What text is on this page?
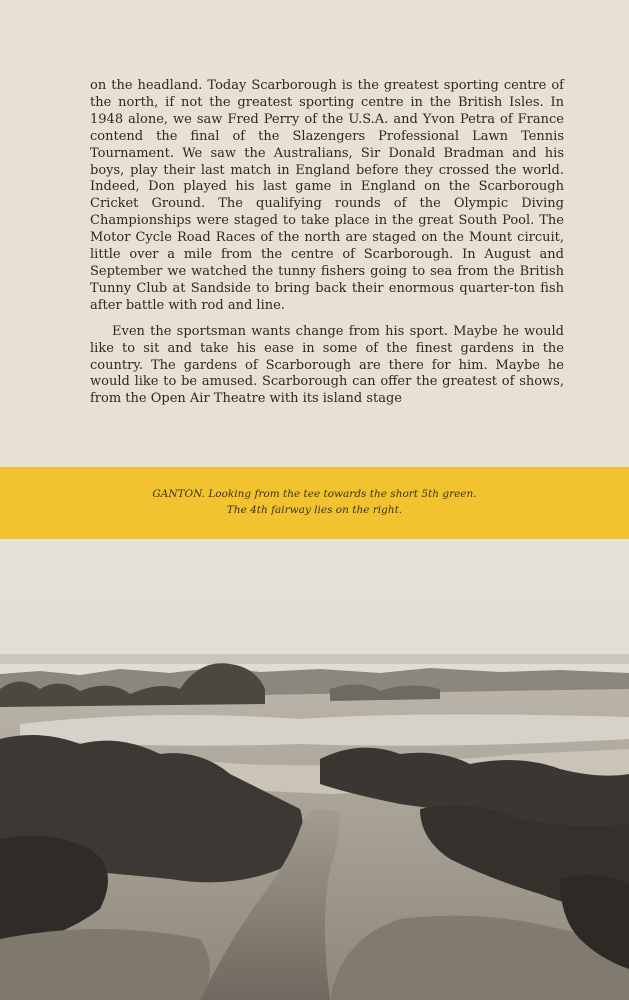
on the headland. Today Scarborough is the greatest sporting centre of the north, if not the greatest sporting centre in the British Isles. In 1948 alone, we saw Fred Perry of the U.S.A. and Yvon Petra of France contend the final of the Slazengers Professional Lawn Tennis Tournament. We saw the Australians, Sir Donald Bradman and his boys, play their last match in England before they crossed the world. Indeed, Don played his last game in England on the Scarborough Cricket Ground. The qualifying rounds of the Olympic Diving Championships were staged to take place in the great South Pool. The Motor Cycle Road Races of the north are staged on the Mount circuit, little over a mile from the centre of Scarborough. In August and September we watched the tunny fishers going to sea from the British Tunny Club at Sandside to bring back their enormous quarter-ton fish after battle with rod and line.

Even the sportsman wants change from his sport. Maybe he would like to sit and take his ease in some of the finest gardens in the country. The gardens of Scarborough are there for him. Maybe he would like to be amused. Scarborough can offer the greatest of shows, from the Open Air Theatre with its island stage

GANTON. Looking from the tee towards the short 5th green.
The 4th fairway lies on the right.
